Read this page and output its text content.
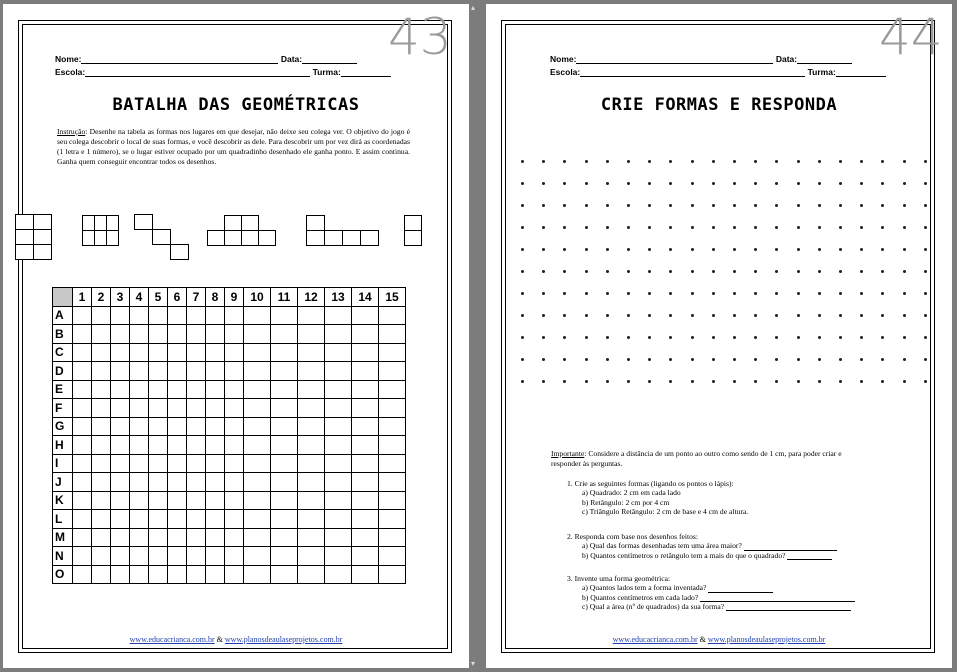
43
Nome:	Data:
Escola:	Turma:
BATALHA DAS GEOMÉTRICAS
Instrução: Desenhe na tabela as formas nos lugares em que desejar, não deixe seu colega ver. O objetivo do jogo é seu colega descobrir o local de suas formas, e você descobrir as dele. Para descobrir um por vez dirá as coordenadas (1 letra e 1 número), se o lugar estiver ocupado por um quadradinho desenhado ele ganha ponto. E assim continua. Ganha quem conseguir encontrar todos os desenhos.
	1	2	3	4	5	6	7	8	9	10	11	12	13	14	15
A															
B															
C															
D															
E															
F															
G															
H															
I															
J															
K															
L															
M															
N															
O															
www.educacrianca.com.br & www.planosdeaulaseprojetos.com.br
44
Nome:	Data:
Escola:	Turma:
CRIE FORMAS E RESPONDA
Importante: Considere a distância de um ponto ao outro como sendo de 1 cm, para poder criar e
responder às perguntas.
1. Crie as seguintes formas (ligando os pontos o lápis):
a) Quadrado: 2 cm em cada lado
b) Retângulo: 2 cm por 4 cm
c) Triângulo Retângulo: 2 cm de base e 4 cm de altura.
2. Responda com base nos desenhos feitos:
a) Qual das formas desenhadas tem uma área maior?
b) Quantos centímetros o retângulo tem a mais do que o quadrado?
3. Invente uma forma geométrica:
a) Quantos lados tem a forma inventada?
b) Quantos centímetros em cada lado?
c) Qual a área (nº de quadrados) da sua forma?
www.educacrianca.com.br & www.planosdeaulaseprojetos.com.br
▴
▾
